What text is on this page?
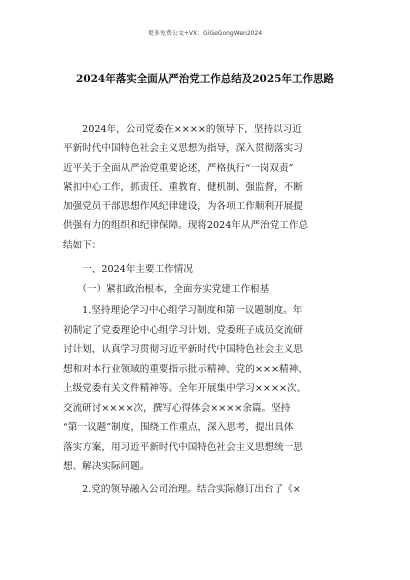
更多免费公文+VX：GiGeGongWen2024
2024年落实全面从严治党工作总结及2025年工作思路
　　2024年，公司党委在××××的领导下，坚持以习近
平新时代中国特色社会主义思想为指导，深入贯彻落实习
近平关于全面从严治党重要论述，严格执行“一岗双责”
紧扣中心工作，抓责任、重教育、健机制、强监督，不断
加强党员干部思想作风纪律建设，为各项工作顺利开展提
供强有力的组织和纪律保障。现将2024年从严治党工作总
结如下：
　　一、2024年主要工作情况
　　（一）紧扣政治根本，全面夯实党建工作根基
　　1.坚持理论学习中心组学习制度和第一议题制度。年
初制定了党委理论中心组学习计划、党委班子成员交流研
讨计划，认真学习贯彻习近平新时代中国特色社会主义思
想和对本行业领域的重要指示批示精神、党的×××精神、
上级党委有关文件精神等。全年开展集中学习××××次、
交流研讨××××次，撰写心得体会××××余篇。坚持
“第一议题”制度，围绕工作重点，深入思考，提出具体
落实方案，用习近平新时代中国特色社会主义思想统一思
想、解决实际问题。
　　2.党的领导融入公司治理。结合实际修订出台了《×
